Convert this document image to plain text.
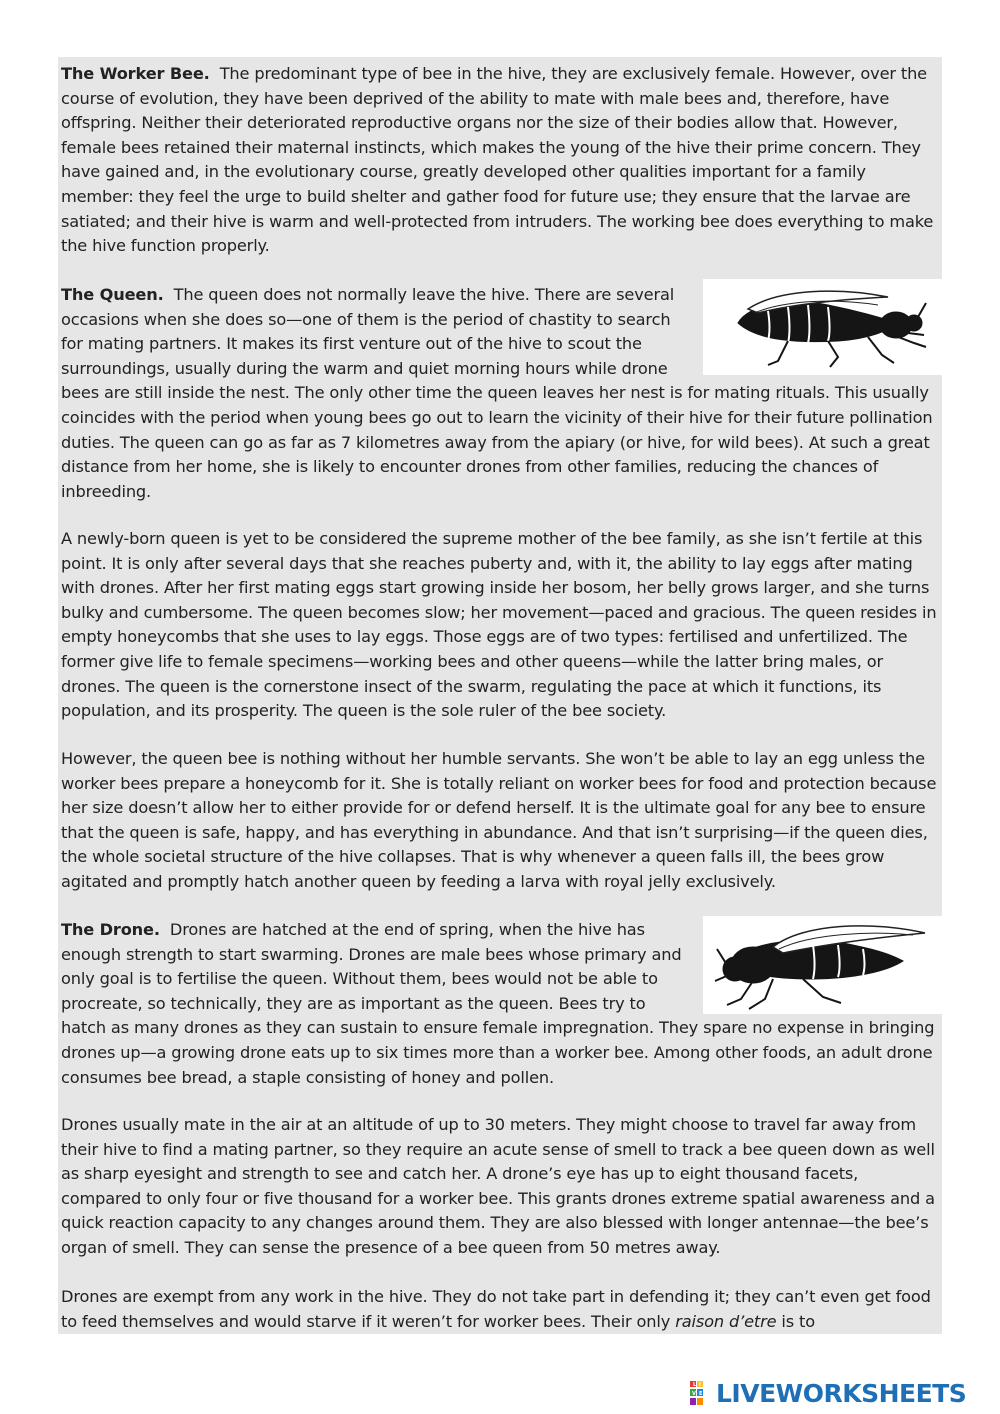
The Worker Bee. The predominant type of bee in the hive, they are exclusively female. However, over the course of evolution, they have been deprived of the ability to mate with male bees and, therefore, have offspring. Neither their deteriorated reproductive organs nor the size of their bodies allow that. However, female bees retained their maternal instincts, which makes the young of the hive their prime concern. They have gained and, in the evolutionary course, greatly developed other qualities important for a family member: they feel the urge to build shelter and gather food for future use; they ensure that the larvae are satiated; and their hive is warm and well-protected from intruders. The working bee does everything to make the hive function properly.

The Queen. The queen does not normally leave the hive. There are several occasions when she does so—one of them is the period of chastity to search for mating partners. It makes its first venture out of the hive to scout the surroundings, usually during the warm and quiet morning hours while drone bees are still inside the nest. The only other time the queen leaves her nest is for mating rituals. This usually coincides with the period when young bees go out to learn the vicinity of their hive for their future pollination duties. The queen can go as far as 7 kilometres away from the apiary (or hive, for wild bees). At such a great distance from her home, she is likely to encounter drones from other families, reducing the chances of inbreeding.

A newly-born queen is yet to be considered the supreme mother of the bee family, as she isn’t fertile at this point. It is only after several days that she reaches puberty and, with it, the ability to lay eggs after mating with drones. After her first mating eggs start growing inside her bosom, her belly grows larger, and she turns bulky and cumbersome. The queen becomes slow; her movement—paced and gracious. The queen resides in empty honeycombs that she uses to lay eggs. Those eggs are of two types: fertilised and unfertilized. The former give life to female specimens—working bees and other queens—while the latter bring males, or drones. The queen is the cornerstone insect of the swarm, regulating the pace at which it functions, its population, and its prosperity. The queen is the sole ruler of the bee society.

However, the queen bee is nothing without her humble servants. She won’t be able to lay an egg unless the worker bees prepare a honeycomb for it. She is totally reliant on worker bees for food and protection because her size doesn’t allow her to either provide for or defend herself. It is the ultimate goal for any bee to ensure that the queen is safe, happy, and has everything in abundance. And that isn’t surprising—if the queen dies, the whole societal structure of the hive collapses. That is why whenever a queen falls ill, the bees grow agitated and promptly hatch another queen by feeding a larva with royal jelly exclusively.

The Drone. Drones are hatched at the end of spring, when the hive has enough strength to start swarming. Drones are male bees whose primary and only goal is to fertilise the queen. Without them, bees would not be able to procreate, so technically, they are as important as the queen. Bees try to hatch as many drones as they can sustain to ensure female impregnation. They spare no expense in bringing drones up—a growing drone eats up to six times more than a worker bee. Among other foods, an adult drone consumes bee bread, a staple consisting of honey and pollen.

Drones usually mate in the air at an altitude of up to 30 meters. They might choose to travel far away from their hive to find a mating partner, so they require an acute sense of smell to track a bee queen down as well as sharp eyesight and strength to see and catch her. A drone’s eye has up to eight thousand facets, compared to only four or five thousand for a worker bee. This grants drones extreme spatial awareness and a quick reaction capacity to any changes around them. They are also blessed with longer antennae—the bee’s organ of smell. They can sense the presence of a bee queen from 50 metres away.

Drones are exempt from any work in the hive. They do not take part in defending it; they can’t even get food to feed themselves and would starve if it weren’t for worker bees. Their only raison d’etre is to

L I
V E LIVEWORKSHEETS
